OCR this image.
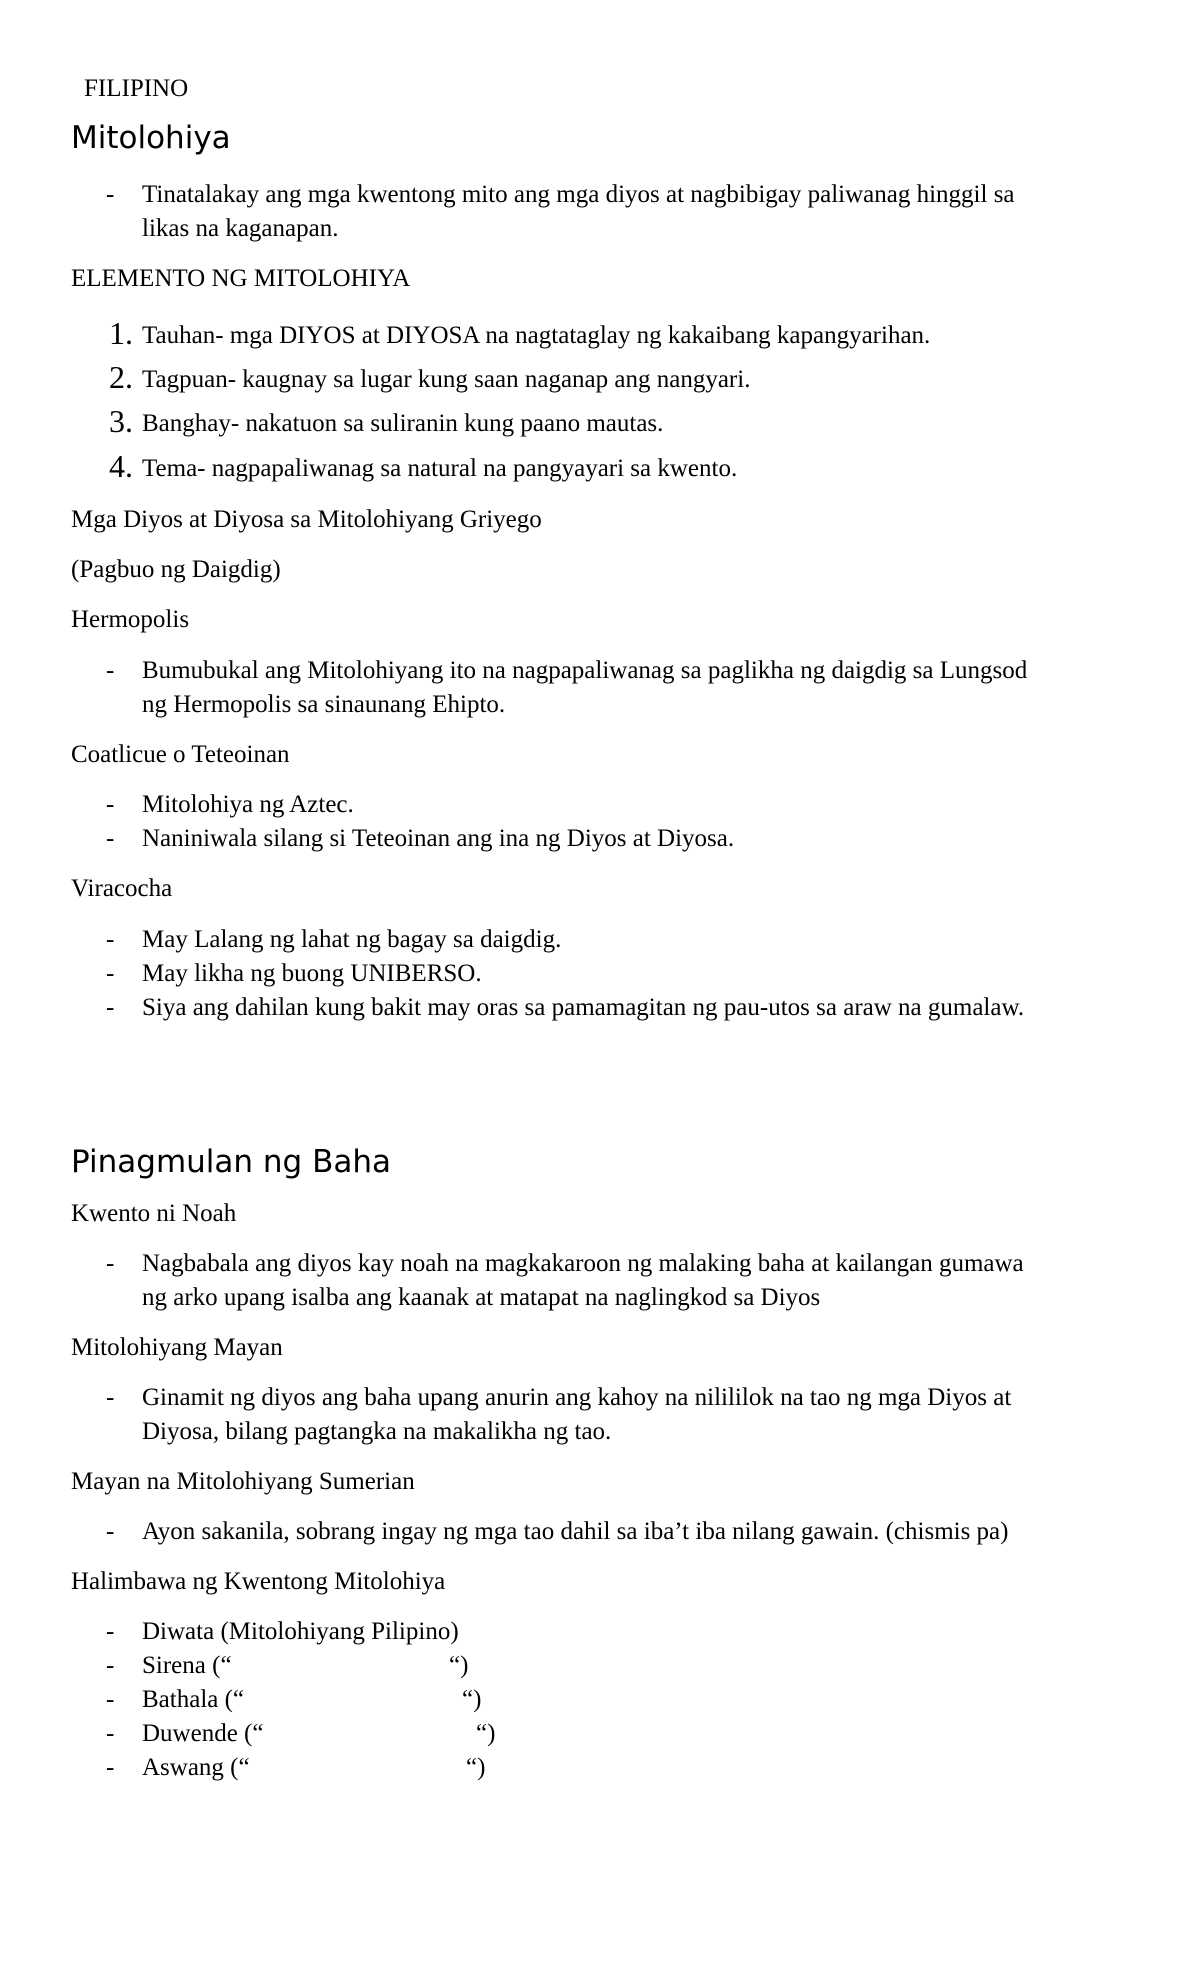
FILIPINO
Mitolohiya
- Tinatalakay ang mga kwentong mito ang mga diyos at nagbibigay paliwanag hinggil sa
likas na kaganapan.
ELEMENTO NG MITOLOHIYA
1. Tauhan- mga DIYOS at DIYOSA na nagtataglay ng kakaibang kapangyarihan.
2. Tagpuan- kaugnay sa lugar kung saan naganap ang nangyari.
3. Banghay- nakatuon sa suliranin kung paano mautas.
4. Tema- nagpapaliwanag sa natural na pangyayari sa kwento.
Mga Diyos at Diyosa sa Mitolohiyang Griyego
(Pagbuo ng Daigdig)
Hermopolis
- Bumubukal ang Mitolohiyang ito na nagpapaliwanag sa paglikha ng daigdig sa Lungsod
ng Hermopolis sa sinaunang Ehipto.
Coatlicue o Teteoinan
- Mitolohiya ng Aztec.
- Naniniwala silang si Teteoinan ang ina ng Diyos at Diyosa.
Viracocha
- May Lalang ng lahat ng bagay sa daigdig.
- May likha ng buong UNIBERSO.
- Siya ang dahilan kung bakit may oras sa pamamagitan ng pau-utos sa araw na gumalaw.
Pinagmulan ng Baha
Kwento ni Noah
- Nagbabala ang diyos kay noah na magkakaroon ng malaking baha at kailangan gumawa
ng arko upang isalba ang kaanak at matapat na naglingkod sa Diyos
Mitolohiyang Mayan
- Ginamit ng diyos ang baha upang anurin ang kahoy na nilililok na tao ng mga Diyos at
Diyosa, bilang pagtangka na makalikha ng tao.
Mayan na Mitolohiyang Sumerian
- Ayon sakanila, sobrang ingay ng mga tao dahil sa iba’t iba nilang gawain. (chismis pa)
Halimbawa ng Kwentong Mitolohiya
- Diwata (Mitolohiyang Pilipino)
- Sirena (“	“)
- Bathala (“	“)
- Duwende (“	“)
- Aswang (“	“)
